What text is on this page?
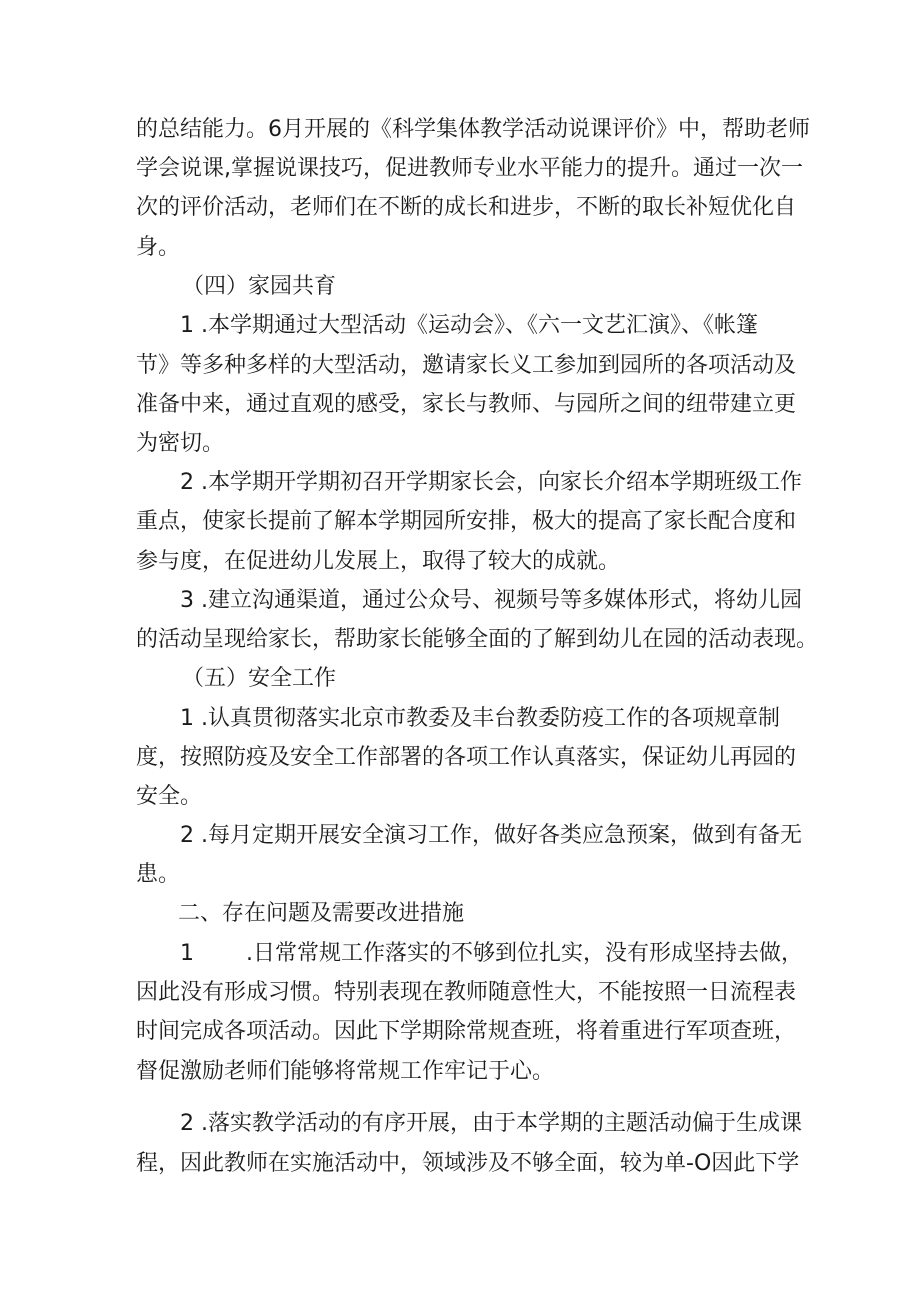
的总结能力。6月开展的《科学集体教学活动说课评价》中，帮助老师
学会说课,掌握说课技巧，促进教师专业水平能力的提升。通过一次一
次的评价活动，老师们在不断的成长和进步，不断的取长补短优化自
身。
（四）家园共育
1 .本学期通过大型活动《运动会》、《六一文艺汇演》、《帐篷
节》等多种多样的大型活动，邀请家长义工参加到园所的各项活动及
准备中来，通过直观的感受，家长与教师、与园所之间的纽带建立更
为密切。
2 .本学期开学期初召开学期家长会，向家长介绍本学期班级工作
重点，使家长提前了解本学期园所安排，极大的提高了家长配合度和
参与度，在促进幼儿发展上，取得了较大的成就。
3 .建立沟通渠道，通过公众号、视频号等多媒体形式，将幼儿园
的活动呈现给家长，帮助家长能够全面的了解到幼儿在园的活动表现。
（五）安全工作
1 .认真贯彻落实北京市教委及丰台教委防疫工作的各项规章制
度，按照防疫及安全工作部署的各项工作认真落实，保证幼儿再园的
安全。
2 .每月定期开展安全演习工作，做好各类应急预案，做到有备无
患。
二、存在问题及需要改进措施
1 .日常常规工作落实的不够到位扎实，没有形成坚持去做，
因此没有形成习惯。特别表现在教师随意性大，不能按照一日流程表
时间完成各项活动。因此下学期除常规查班，将着重进行军项查班，
督促激励老师们能够将常规工作牢记于心。
2 .落实教学活动的有序开展，由于本学期的主题活动偏于生成课
程，因此教师在实施活动中，领域涉及不够全面，较为单-O因此下学
